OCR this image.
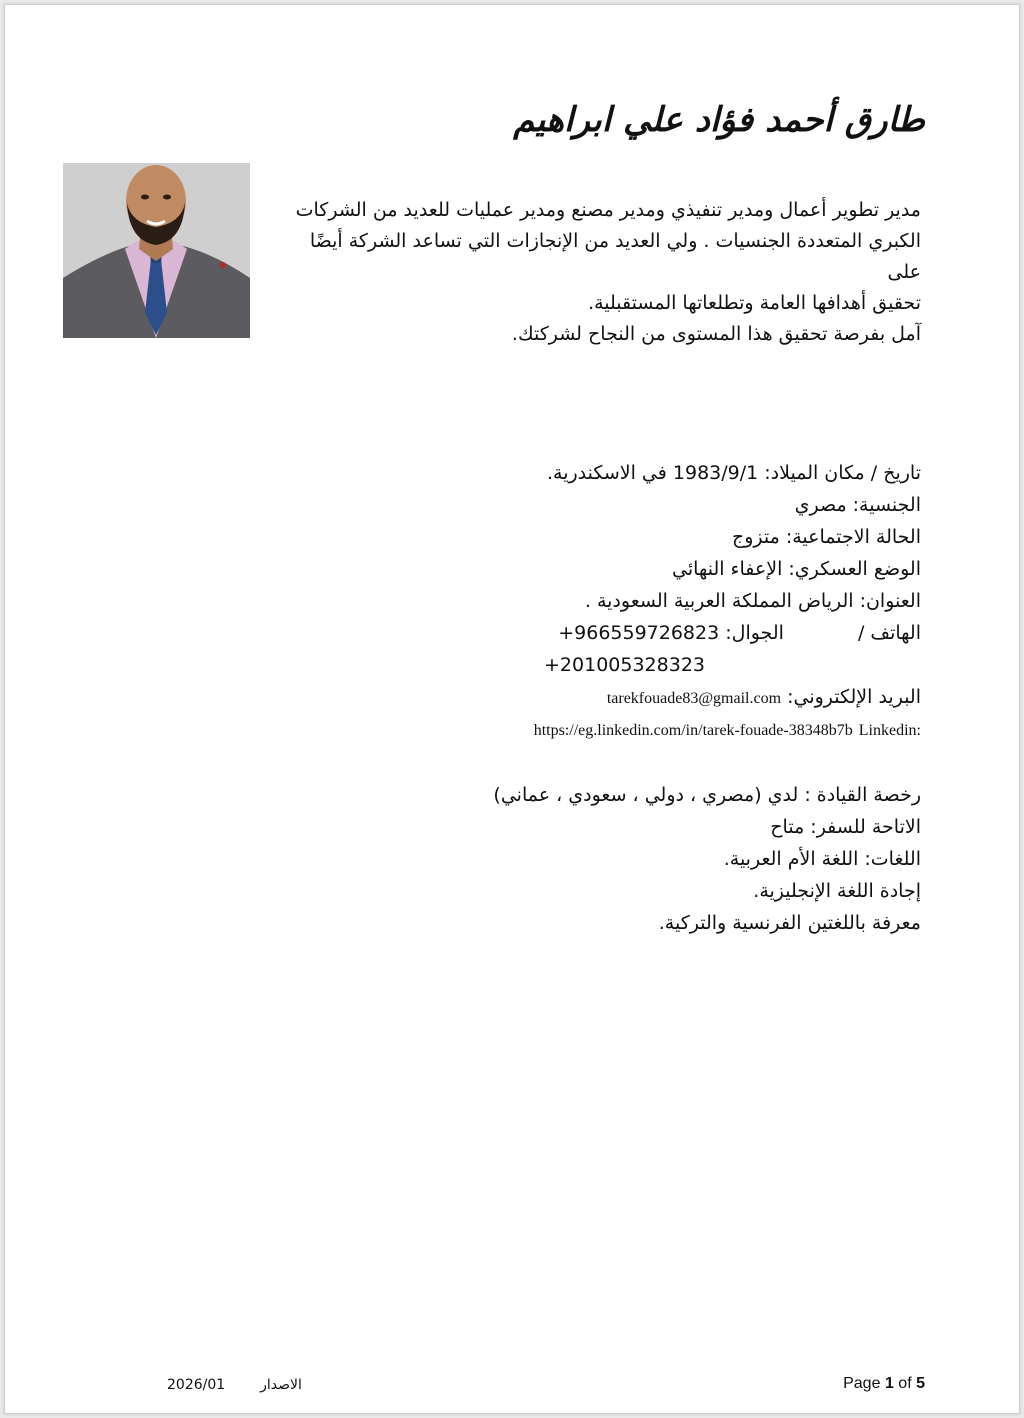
طارق أحمد فؤاد علي ابراهيم

مدير تطوير أعمال ومدير تنفيذي ومدير مصنع ومدير عمليات للعديد من الشركات

الكبري المتعددة الجنسيات . ولي العديد من الإنجازات التي تساعد الشركة أيضًا على

تحقيق أهدافها العامة وتطلعاتها المستقبلية.

آمل بفرصة تحقيق هذا المستوى من النجاح لشركتك.

تاريخ / مكان الميلاد: 1983/9/1 في الاسكندرية.
الجنسية: مصري
الحالة الاجتماعية: متزوج
الوضع العسكري: الإعفاء النهائي
العنوان: الرياض المملكة العربية السعودية .
الهاتف /  الجوال: +966559726823
+201005328323
البريد الإلكتروني: tarekfouade83@gmail.com
Linkedin: https://eg.linkedin.com/in/tarek-fouade-38348b7b
رخصة القيادة : لدي (مصري ، دولي ، سعودي ، عماني)
الاتاحة للسفر: متاح
اللغات: اللغة الأم العربية.
إجادة اللغة الإنجليزية.
معرفة باللغتين الفرنسية والتركية.
2026/01 الاصدار	Page 1 of 5
